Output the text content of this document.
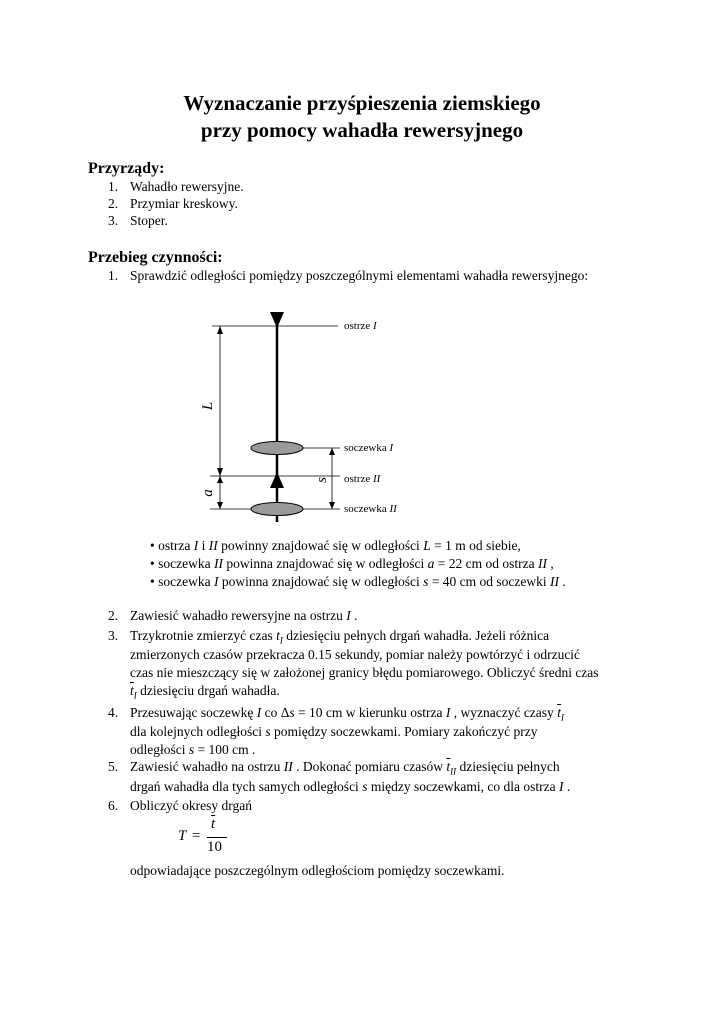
Wyznaczanie przyśpieszenia ziemskiego
przy pomocy wahadła rewersyjnego
Przyrządy:
1. Wahadło rewersyjne.
2. Przymiar kreskowy.
3. Stoper.
Przebieg czynności:
1. Sprawdzić odległości pomiędzy poszczególnymi elementami wahadła rewersyjnego:
ostrze I
soczewka I
ostrze II
soczewka II
L
a
s
• ostrza I i II powinny znajdować się w odległości L = 1 m od siebie,
• soczewka II powinna znajdować się w odległości a = 22 cm od ostrza II ,
• soczewka I powinna znajdować się w odległości s = 40 cm od soczewki II .
2. Zawiesić wahadło rewersyjne na ostrzu I .
3. Trzykrotnie zmierzyć czas $t_I$ dziesięciu pełnych drgań wahadła. Jeżeli różnica
zmierzonych czasów przekracza 0.15 sekundy, pomiar należy powtórzyć i odrzucić
czas nie mieszczący się w założonej granicy błędu pomiarowego. Obliczyć średni czas
$\overline{t}_I$ dziesięciu drgań wahadła.
4. Przesuwając soczewkę I co Δs = 10 cm w kierunku ostrza I , wyznaczyć czasy $\overline{t}_I$
dla kolejnych odległości s pomiędzy soczewkami. Pomiary zakończyć przy
odległości s = 100 cm .
5. Zawiesić wahadło na ostrzu II . Dokonać pomiaru czasów $\overline{t}_{II}$ dziesięciu pełnych
drgań wahadła dla tych samych odległości s między soczewkami, co dla ostrza I .
6. Obliczyć okresy drgań
T =
$\overline{t}$
10
odpowiadające poszczególnym odległościom pomiędzy soczewkami.
